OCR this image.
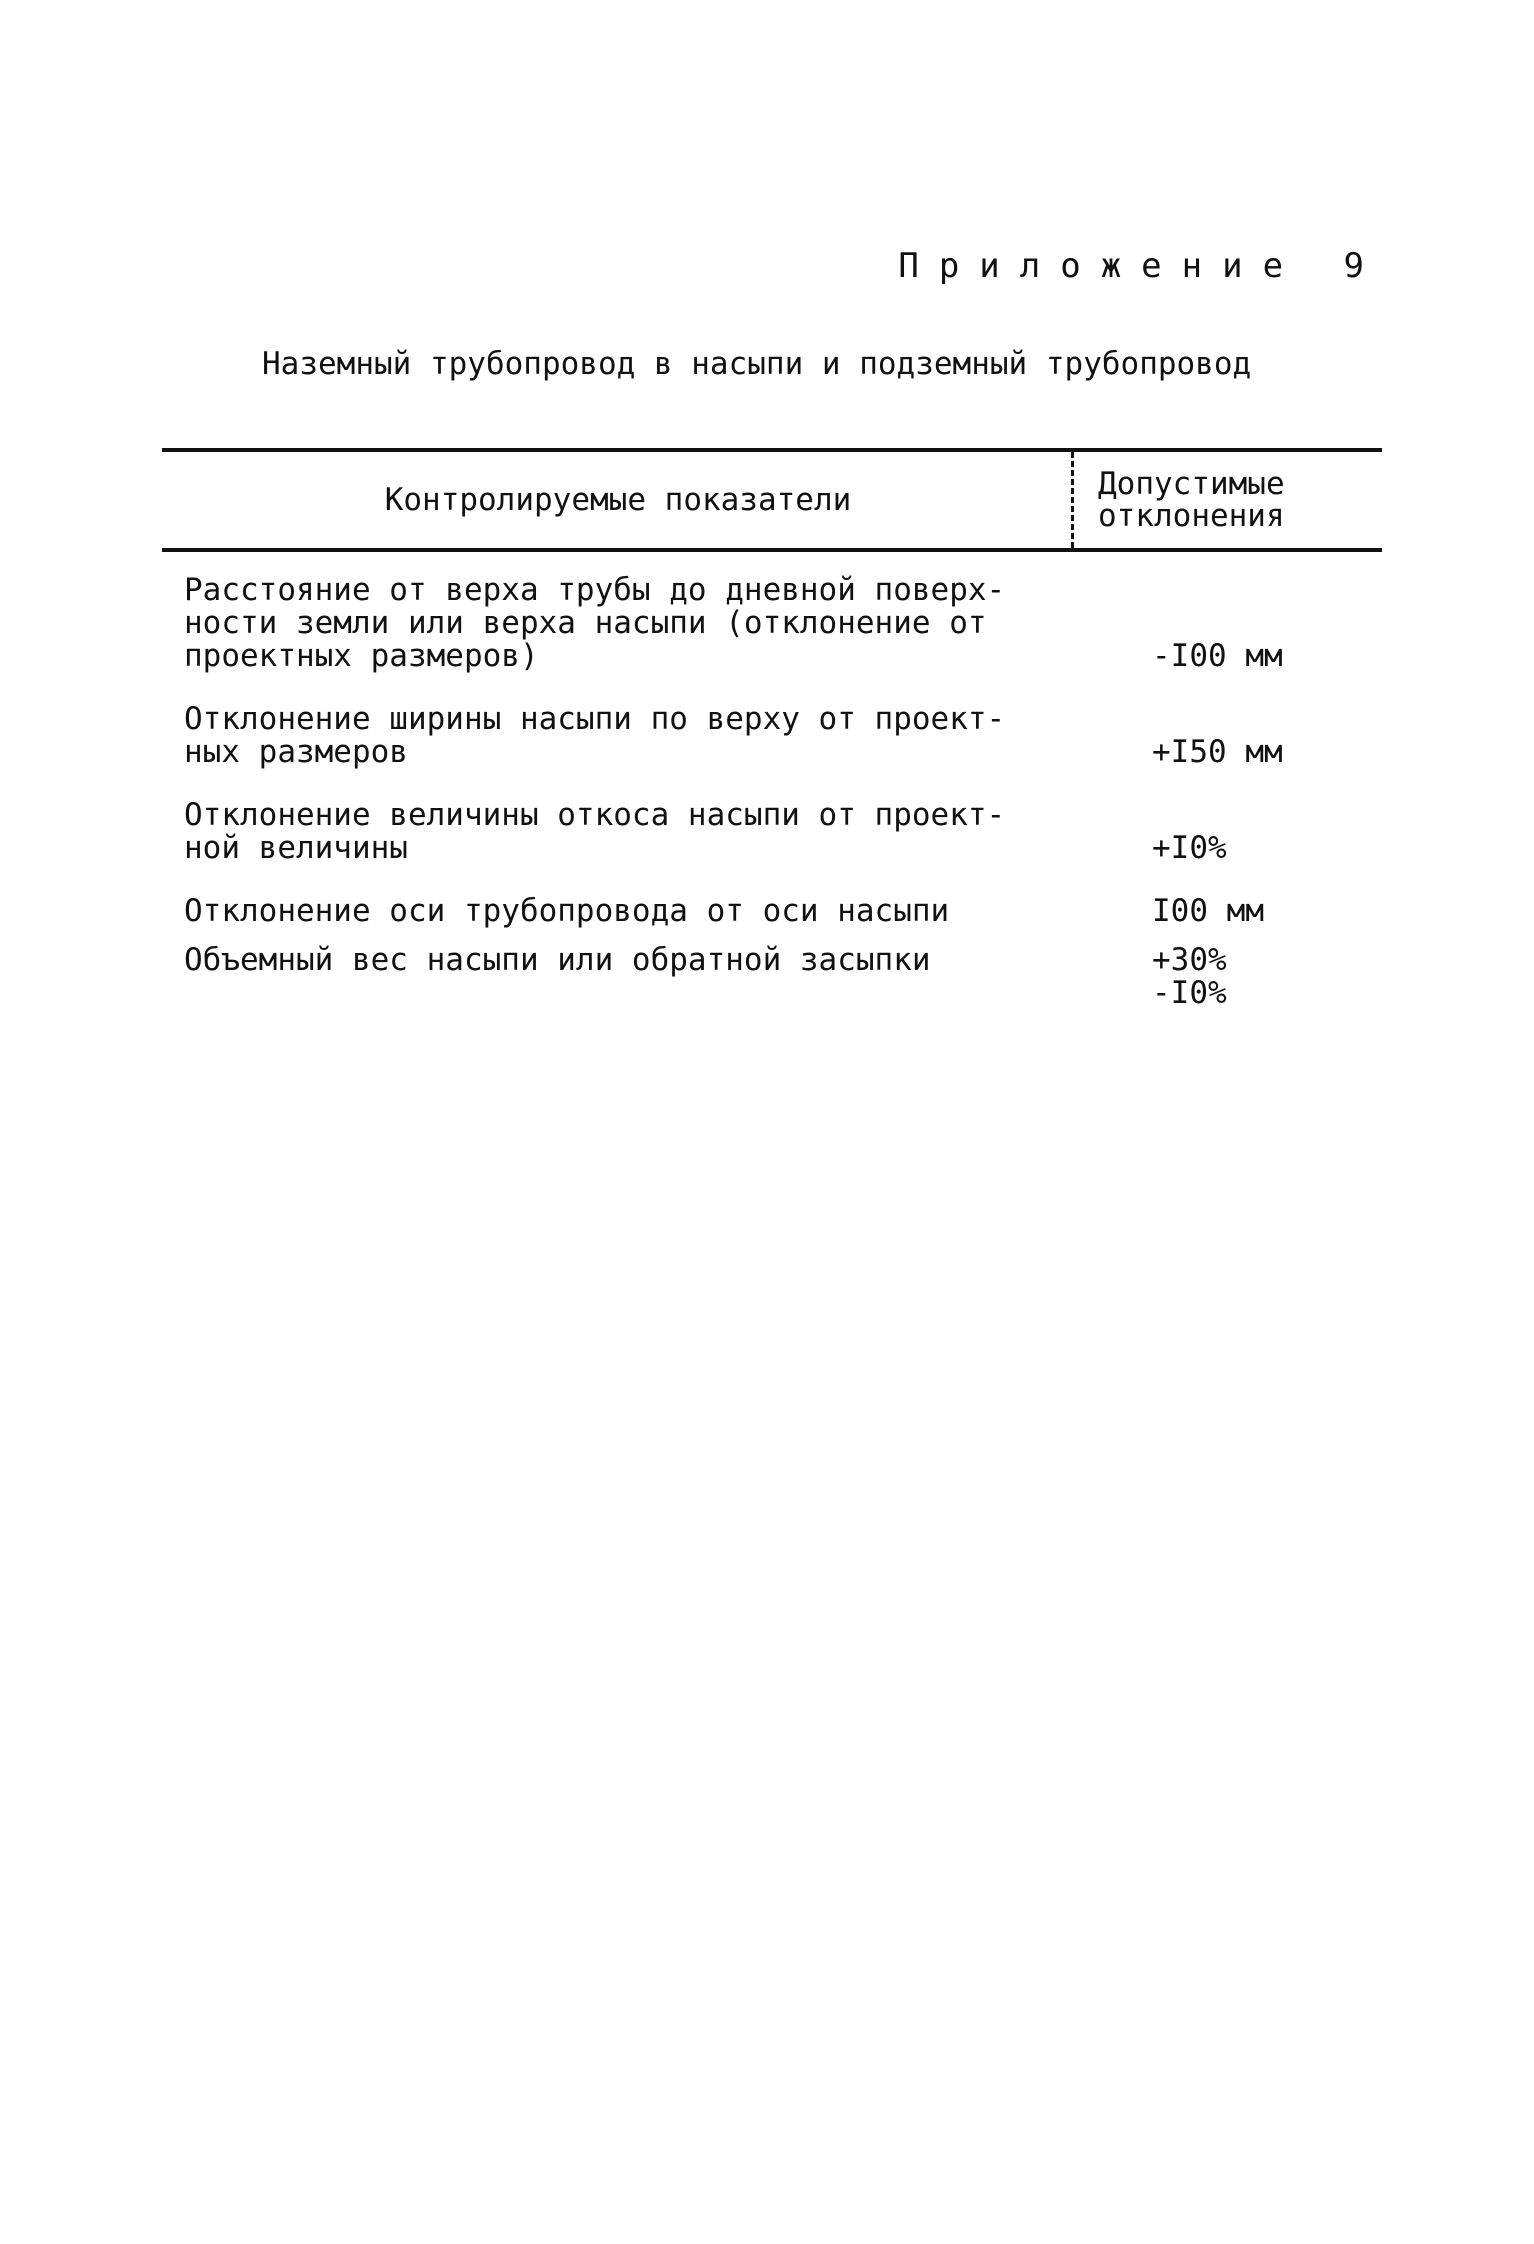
Приложение 9
Наземный трубопровод в насыпи и подземный трубопровод
Контролируемые показатели	Допустимые
отклонения
Расстояние от верха трубы до дневной поверх-
ности земли или верха насыпи (отклонение от
проектных размеров)	-I00 мм
Отклонение ширины насыпи по верху от проект-
ных размеров	+I50 мм
Отклонение величины откоса насыпи от проект-
ной величины	+I0%
Отклонение оси трубопровода от оси насыпи	I00 мм
Объемный вес насыпи или обратной засыпки	+30%
-I0%
